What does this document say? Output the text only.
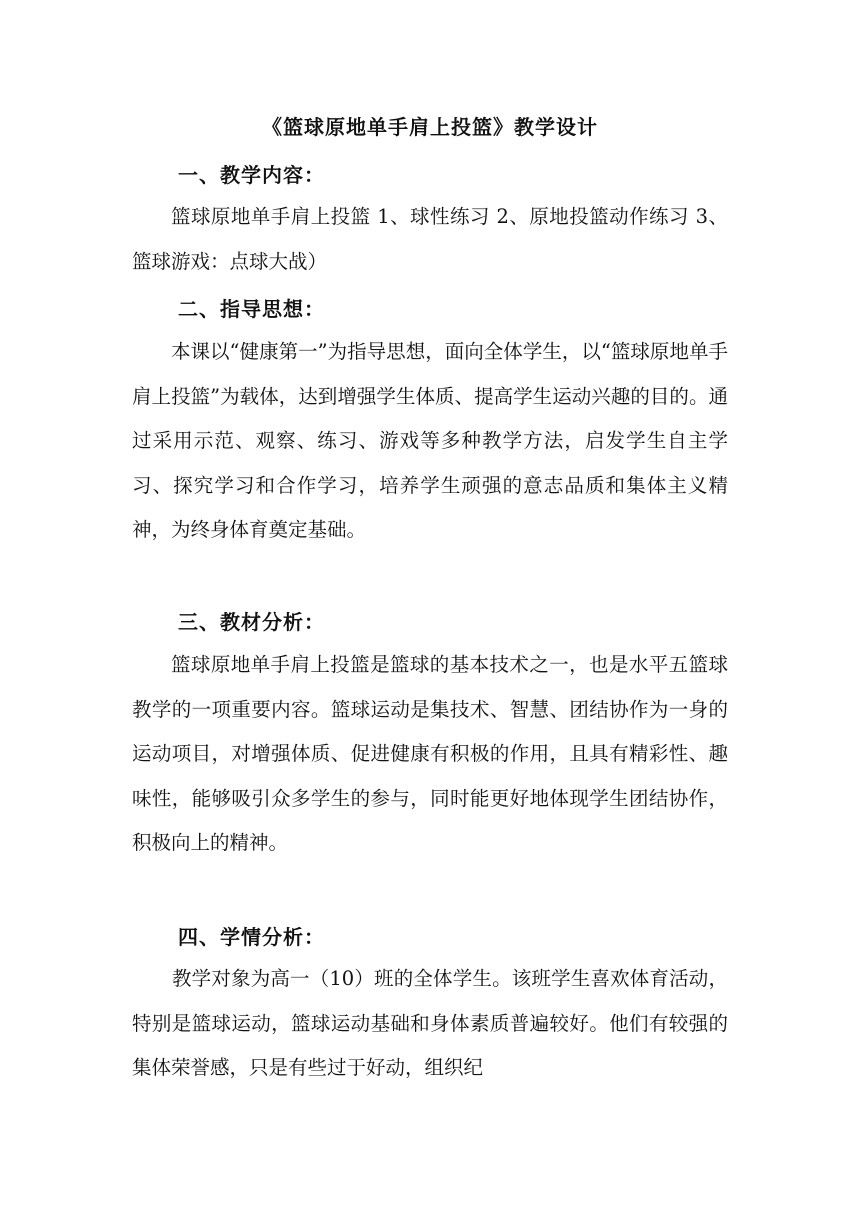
《篮球原地单手肩上投篮》教学设计
一、教学内容：

篮球原地单手肩上投篮 1、球性练习 2、原地投篮动作练习 3、篮球游戏：点球大战）

二、指导思想：

本课以“健康第一”为指导思想，面向全体学生，以“篮球原地单手肩上投篮”为载体，达到增强学生体质、提高学生运动兴趣的目的。通过采用示范、观察、练习、游戏等多种教学方法，启发学生自主学习、探究学习和合作学习，培养学生顽强的意志品质和集体主义精神，为终身体育奠定基础。

三、教材分析：

篮球原地单手肩上投篮是篮球的基本技术之一，也是水平五篮球教学的一项重要内容。篮球运动是集技术、智慧、团结协作为一身的运动项目，对增强体质、促进健康有积极的作用，且具有精彩性、趣味性，能够吸引众多学生的参与，同时能更好地体现学生团结协作，积极向上的精神。

四、学情分析：

教学对象为高一（10）班的全体学生。该班学生喜欢体育活动，特别是篮球运动，篮球运动基础和身体素质普遍较好。他们有较强的集体荣誉感，只是有些过于好动，组织纪
